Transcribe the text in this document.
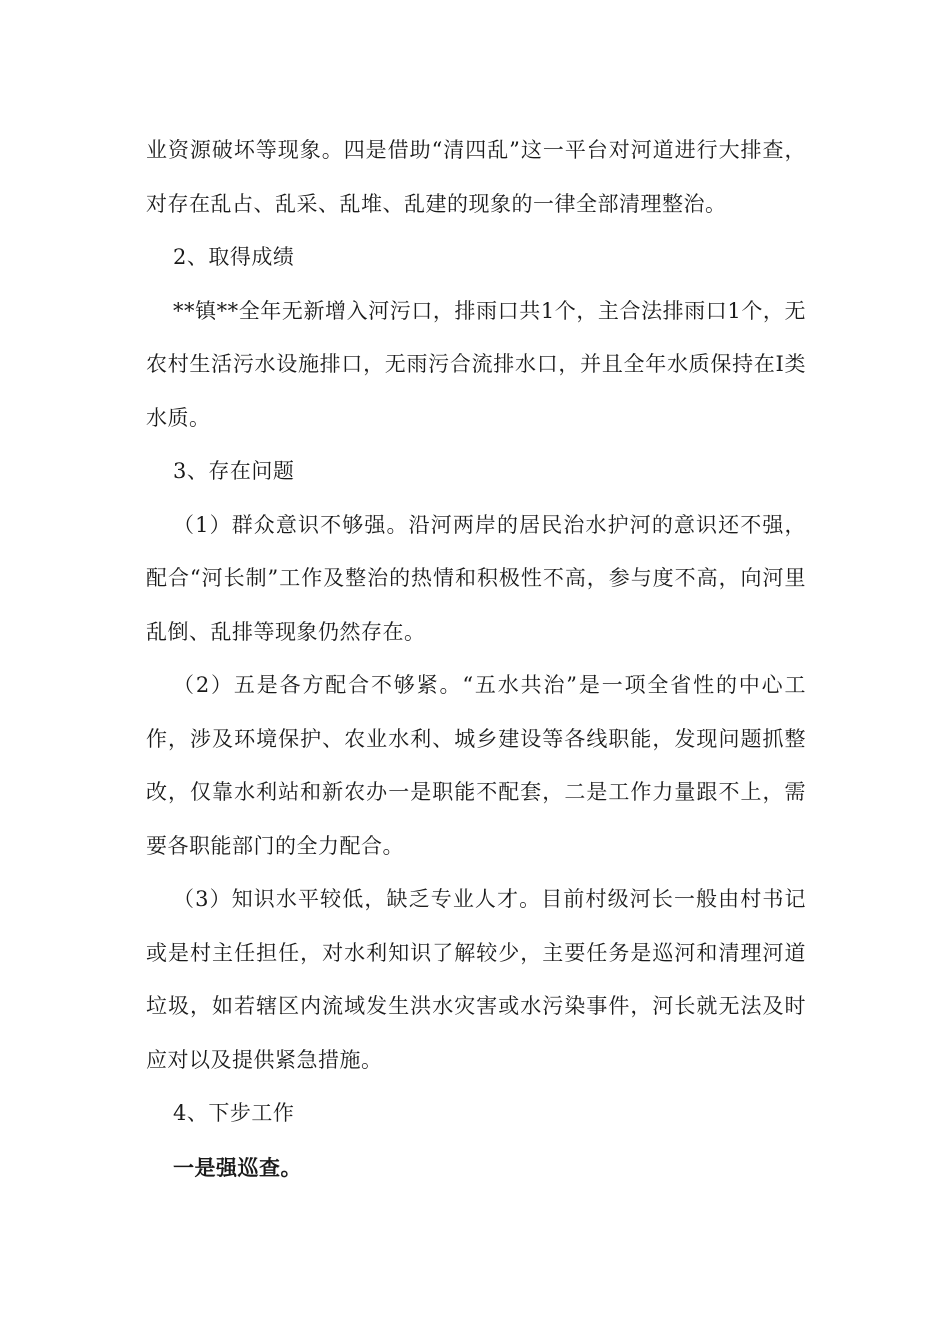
业资源破坏等现象。四是借助“清四乱”这一平台对河道进行大排查，对存在乱占、乱采、乱堆、乱建的现象的一律全部清理整治。

2、取得成绩

**镇**全年无新增入河污口，排雨口共1个，主合法排雨口1个，无农村生活污水设施排口，无雨污合流排水口，并且全年水质保持在Ⅰ类水质。

3、存在问题

（1）群众意识不够强。沿河两岸的居民治水护河的意识还不强，配合“河长制”工作及整治的热情和积极性不高，参与度不高，向河里乱倒、乱排等现象仍然存在。

（2）五是各方配合不够紧。“五水共治”是一项全省性的中心工作，涉及环境保护、农业水利、城乡建设等各线职能，发现问题抓整改，仅靠水利站和新农办一是职能不配套，二是工作力量跟不上，需要各职能部门的全力配合。

（3）知识水平较低，缺乏专业人才。目前村级河长一般由村书记或是村主任担任，对水利知识了解较少，主要任务是巡河和清理河道垃圾，如若辖区内流域发生洪水灾害或水污染事件，河长就无法及时应对以及提供紧急措施。

4、下步工作

一是强巡查。
